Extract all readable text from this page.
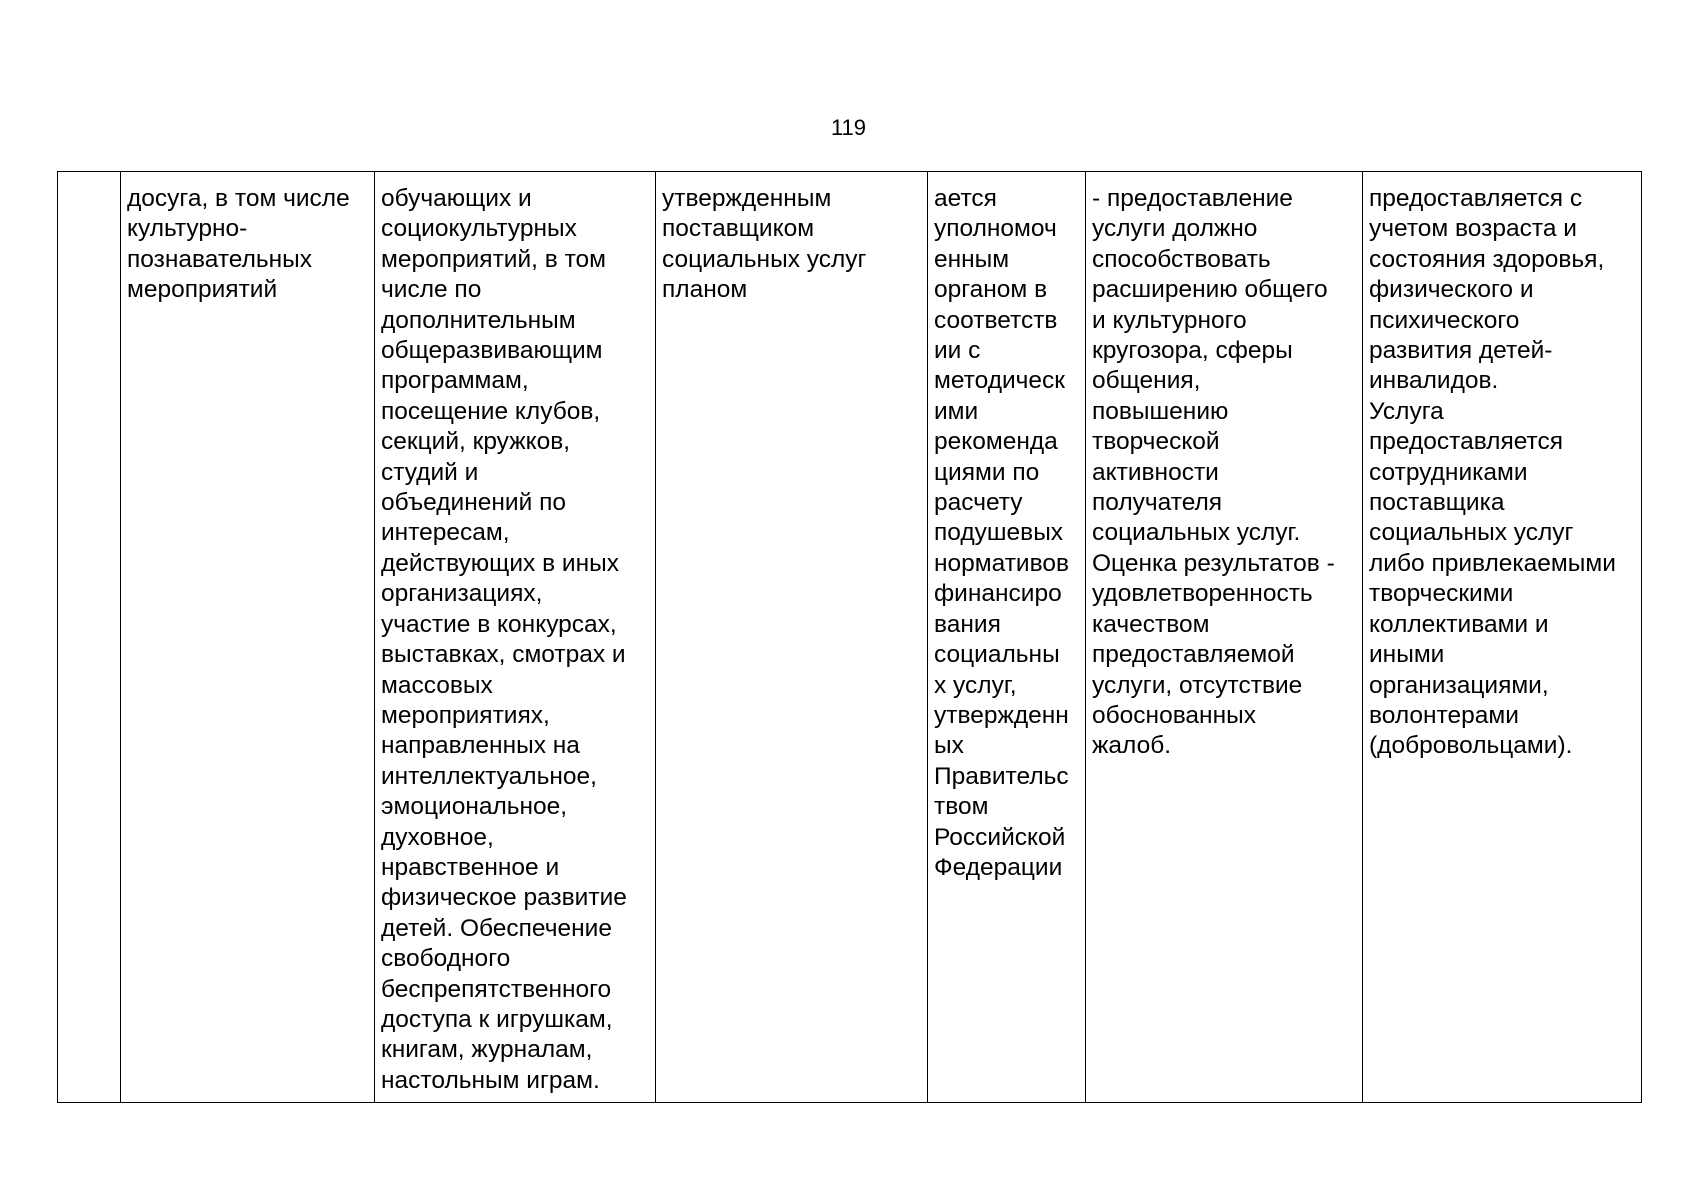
119
	досуга, в том числе
культурно-
познавательных
мероприятий	обучающих и
социокультурных
мероприятий, в том
числе по
дополнительным
общеразвивающим
программам,
посещение клубов,
секций, кружков,
студий и
объединений по
интересам,
действующих в иных
организациях,
участие в конкурсах,
выставках, смотрах и
массовых
мероприятиях,
направленных на
интеллектуальное,
эмоциональное,
духовное,
нравственное и
физическое развитие
детей. Обеспечение
свободного
беспрепятственного
доступа к игрушкам,
книгам, журналам,
настольным играм.	утвержденным
поставщиком
социальных услуг
планом	ается
уполномоч
енным
органом в
соответств
ии с
методическ
ими
рекоменда
циями по
расчету
подушевых
нормативов
финансиро
вания
социальны
х услуг,
утвержденн
ых
Правительс
твом
Российской
Федерации	- предоставление
услуги должно
способствовать
расширению общего
и культурного
кругозора, сферы
общения,
повышению
творческой
активности
получателя
социальных услуг.
Оценка результатов -
удовлетворенность
качеством
предоставляемой
услуги, отсутствие
обоснованных
жалоб.	предоставляется с
учетом возраста и
состояния здоровья,
физического и
психического
развития детей-
инвалидов.
Услуга
предоставляется
сотрудниками
поставщика
социальных услуг
либо привлекаемыми
творческими
коллективами и
иными
организациями,
волонтерами
(добровольцами).
